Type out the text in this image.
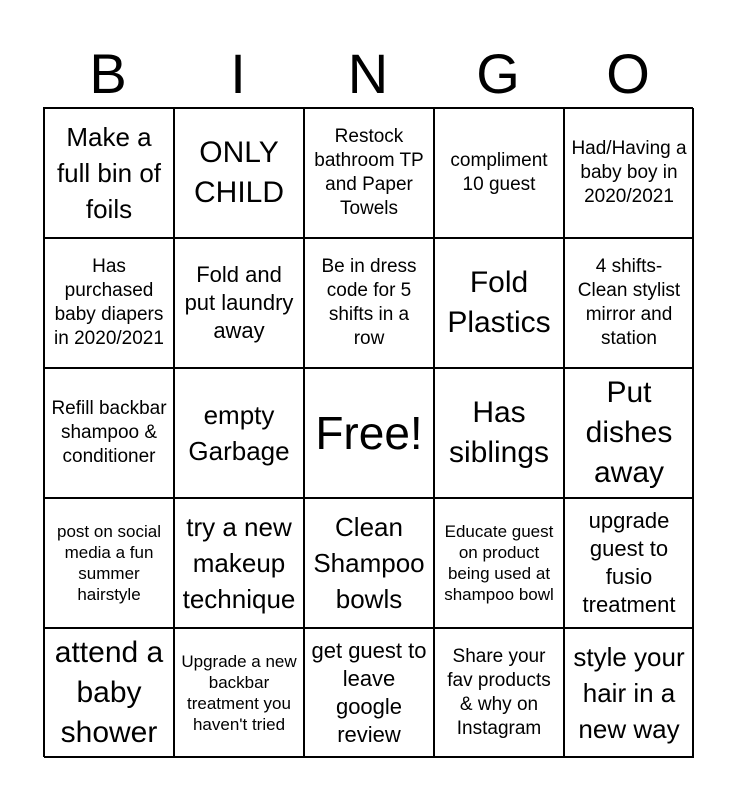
B	I	N	G	O
Make a full bin of foils
ONLY CHILD
Restock bathroom TP and Paper Towels
compliment 10 guest
Had/Having a baby boy in 2020/2021
Has purchased baby diapers in 2020/2021
Fold and put laundry away
Be in dress code for 5 shifts in a row
Fold Plastics
4 shifts- Clean stylist mirror and station
Refill backbar shampoo & conditioner
empty Garbage Free!	Has siblings
Put dishes away
post on social media a fun summer hairstyle
try a new makeup technique
Clean Shampoo bowls
Educate guest on product being used at shampoo bowl
upgrade guest to fusio treatment
attend a baby shower
Upgrade a new backbar treatment you haven't tried
get guest to leave google review
Share your fav products & why on Instagram
style your hair in a new way
